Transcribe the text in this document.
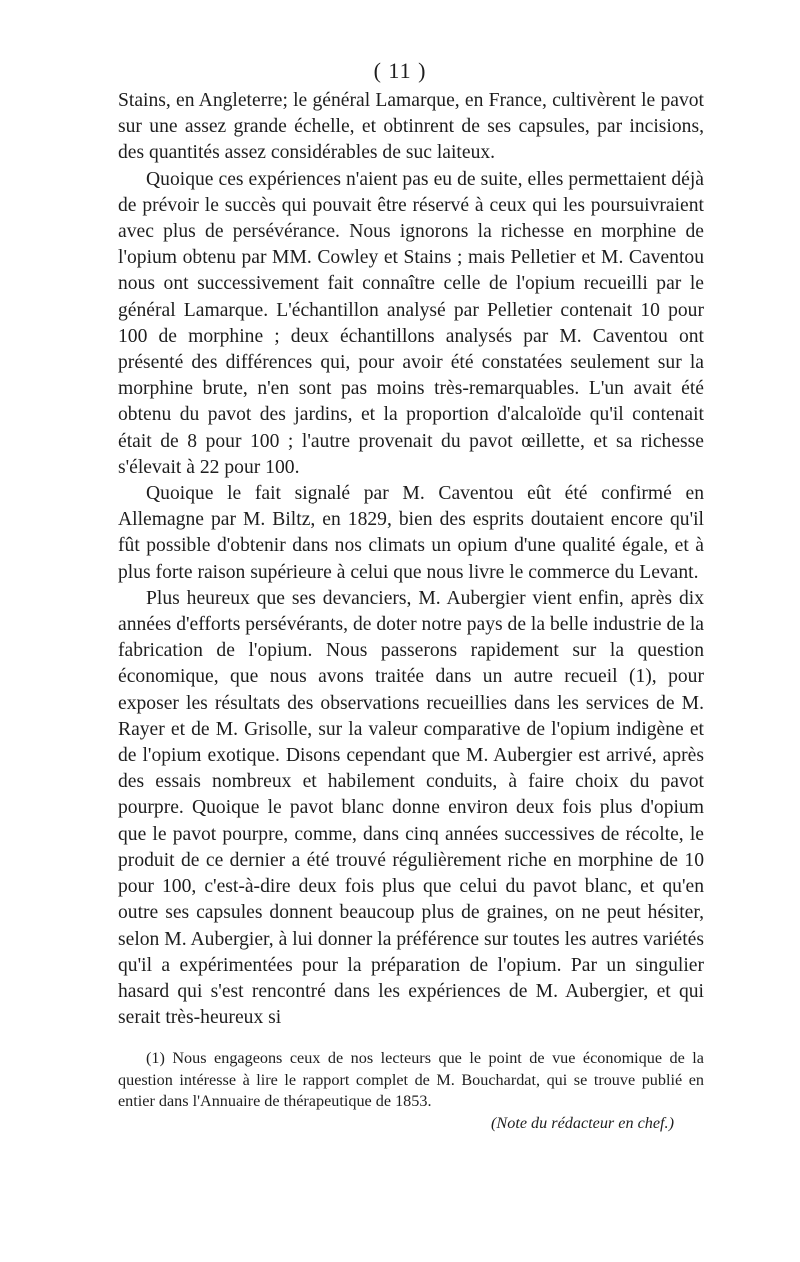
( 11 )

Stains, en Angleterre; le général Lamarque, en France, cultivèrent le pavot sur une assez grande échelle, et obtinrent de ses capsules, par incisions, des quantités assez considérables de suc laiteux.

Quoique ces expériences n'aient pas eu de suite, elles permettaient déjà de prévoir le succès qui pouvait être réservé à ceux qui les poursuivraient avec plus de persévérance. Nous ignorons la richesse en morphine de l'opium obtenu par MM. Cowley et Stains ; mais Pelletier et M. Caventou nous ont successivement fait connaître celle de l'opium recueilli par le général Lamarque. L'échantillon analysé par Pelletier contenait 10 pour 100 de morphine ; deux échantillons analysés par M. Caventou ont présenté des différences qui, pour avoir été constatées seulement sur la morphine brute, n'en sont pas moins très-remarquables. L'un avait été obtenu du pavot des jardins, et la proportion d'alcaloïde qu'il contenait était de 8 pour 100 ; l'autre provenait du pavot œillette, et sa richesse s'élevait à 22 pour 100.

Quoique le fait signalé par M. Caventou eût été confirmé en Allemagne par M. Biltz, en 1829, bien des esprits doutaient encore qu'il fût possible d'obtenir dans nos climats un opium d'une qualité égale, et à plus forte raison supérieure à celui que nous livre le commerce du Levant.

Plus heureux que ses devanciers, M. Aubergier vient enfin, après dix années d'efforts persévérants, de doter notre pays de la belle industrie de la fabrication de l'opium. Nous passerons rapidement sur la question économique, que nous avons traitée dans un autre recueil (1), pour exposer les résultats des observations recueillies dans les services de M. Rayer et de M. Grisolle, sur la valeur comparative de l'opium indigène et de l'opium exotique. Disons cependant que M. Aubergier est arrivé, après des essais nombreux et habilement conduits, à faire choix du pavot pourpre. Quoique le pavot blanc donne environ deux fois plus d'opium que le pavot pourpre, comme, dans cinq années successives de récolte, le produit de ce dernier a été trouvé régulièrement riche en morphine de 10 pour 100, c'est-à-dire deux fois plus que celui du pavot blanc, et qu'en outre ses capsules donnent beaucoup plus de graines, on ne peut hésiter, selon M. Aubergier, à lui donner la préférence sur toutes les autres variétés qu'il a expérimentées pour la préparation de l'opium. Par un singulier hasard qui s'est rencontré dans les expériences de M. Aubergier, et qui serait très-heureux si

(1) Nous engageons ceux de nos lecteurs que le point de vue économique de la question intéresse à lire le rapport complet de M. Bouchardat, qui se trouve publié en entier dans l'Annuaire de thérapeutique de 1853.

(Note du rédacteur en chef.)
